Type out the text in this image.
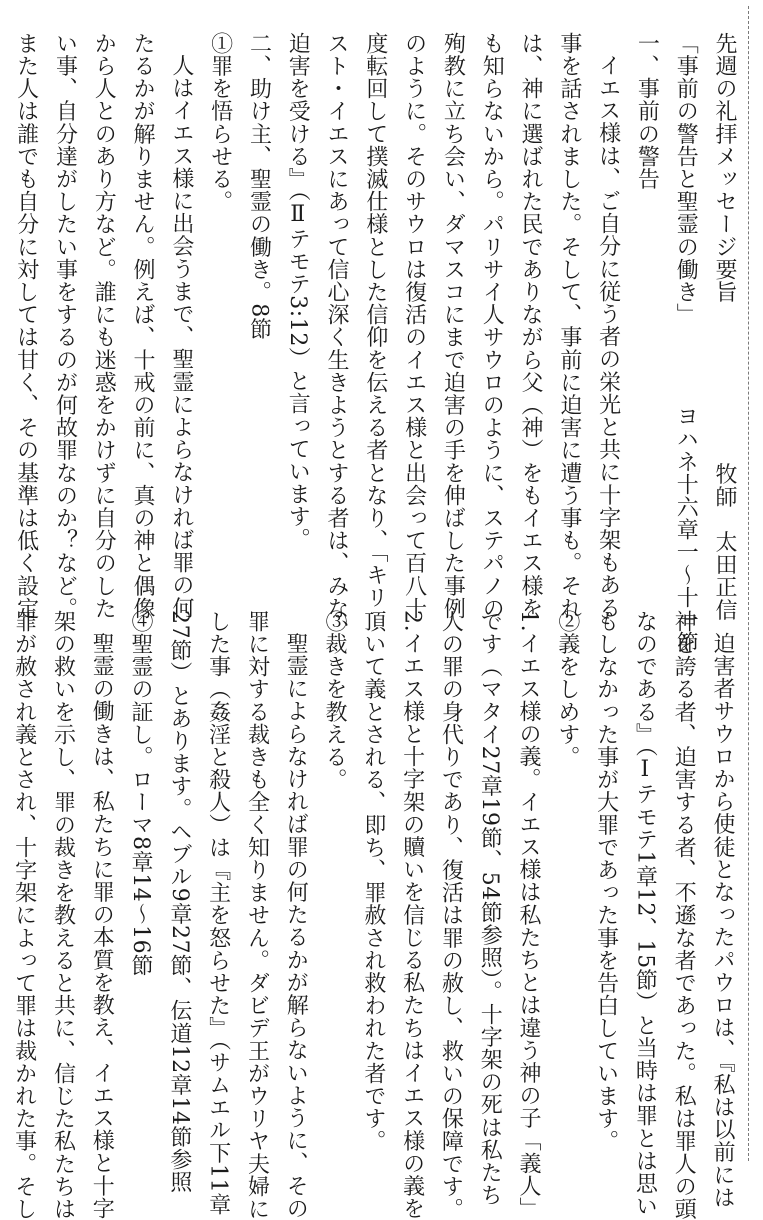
先週の礼拝メッセージ要旨　　　　　　牧師　太田正信
「事前の警告と聖霊の働き」　　　　ヨハネ十六章一〜十一節
一、事前の警告
イエス様は、ご自分に従う者の栄光と共に十字架もある
事を話されました。そして、事前に迫害に遭う事も。それ
は、神に選ばれた民でありながら父（神）をもイエス様を
も知らないから。パリサイ人サウロのように、ステパノの
殉教に立ち会い、ダマスコにまで迫害の手を伸ばした事例
のように。そのサウロは復活のイエス様と出会って百八十
度転回して撲滅仕様とした信仰を伝える者となり、「キリ
スト・イエスにあって信心深く生きようとする者は、みな、
迫害を受ける』（Ⅱテモテ3:12）と言っています。
二、助け主、聖霊の働き。8節
①罪を悟らせる。
人はイエス様に出会うまで、聖霊によらなければ罪の何
たるかが解りません。例えば、十戒の前に、真の神と偶像
から人とのあり方など。誰にも迷惑をかけずに自分のした
い事、自分達がしたい事をするのが何故罪なのか？など。
また人は誰でも自分に対しては甘く、その基準は低く設定
迫害者サウロから使徒となったパウロは、『私は以前には
神を誇る者、迫害する者、不遜な者であった。私は罪人の頭
なのである』（Ⅰテモテ1章12、15節）と当時は罪とは思い
もしなかった事が大罪であった事を告白しています。
②義をしめす。
1.イエス様の義。イエス様は私たちとは違う神の子「義人」
です（マタイ27章19節、54節参照）。十字架の死は私たち
人の罪の身代りであり、復活は罪の赦し、救いの保障です。
2.イエス様と十字架の贖いを信じる私たちはイエス様の義を
頂いて義とされる、即ち、罪赦され救われた者です。
③裁きを教える。
聖霊によらなければ罪の何たるかが解らないように、その
罪に対する裁きも全く知りません。ダビデ王がウリヤ夫婦に
した事（姦淫と殺人）は『主を怒らせた』（サムエル下11章
27節）とあります。ヘブル9章27節、伝道12章14節参照
④聖霊の証し。ローマ8章14〜16節
聖霊の働きは、私たちに罪の本質を教え、イエス様と十字
架の救いを示し、罪の裁きを教えると共に、信じた私たちは
罪が赦され義とされ、十字架によって罪は裁かれた事。そし
